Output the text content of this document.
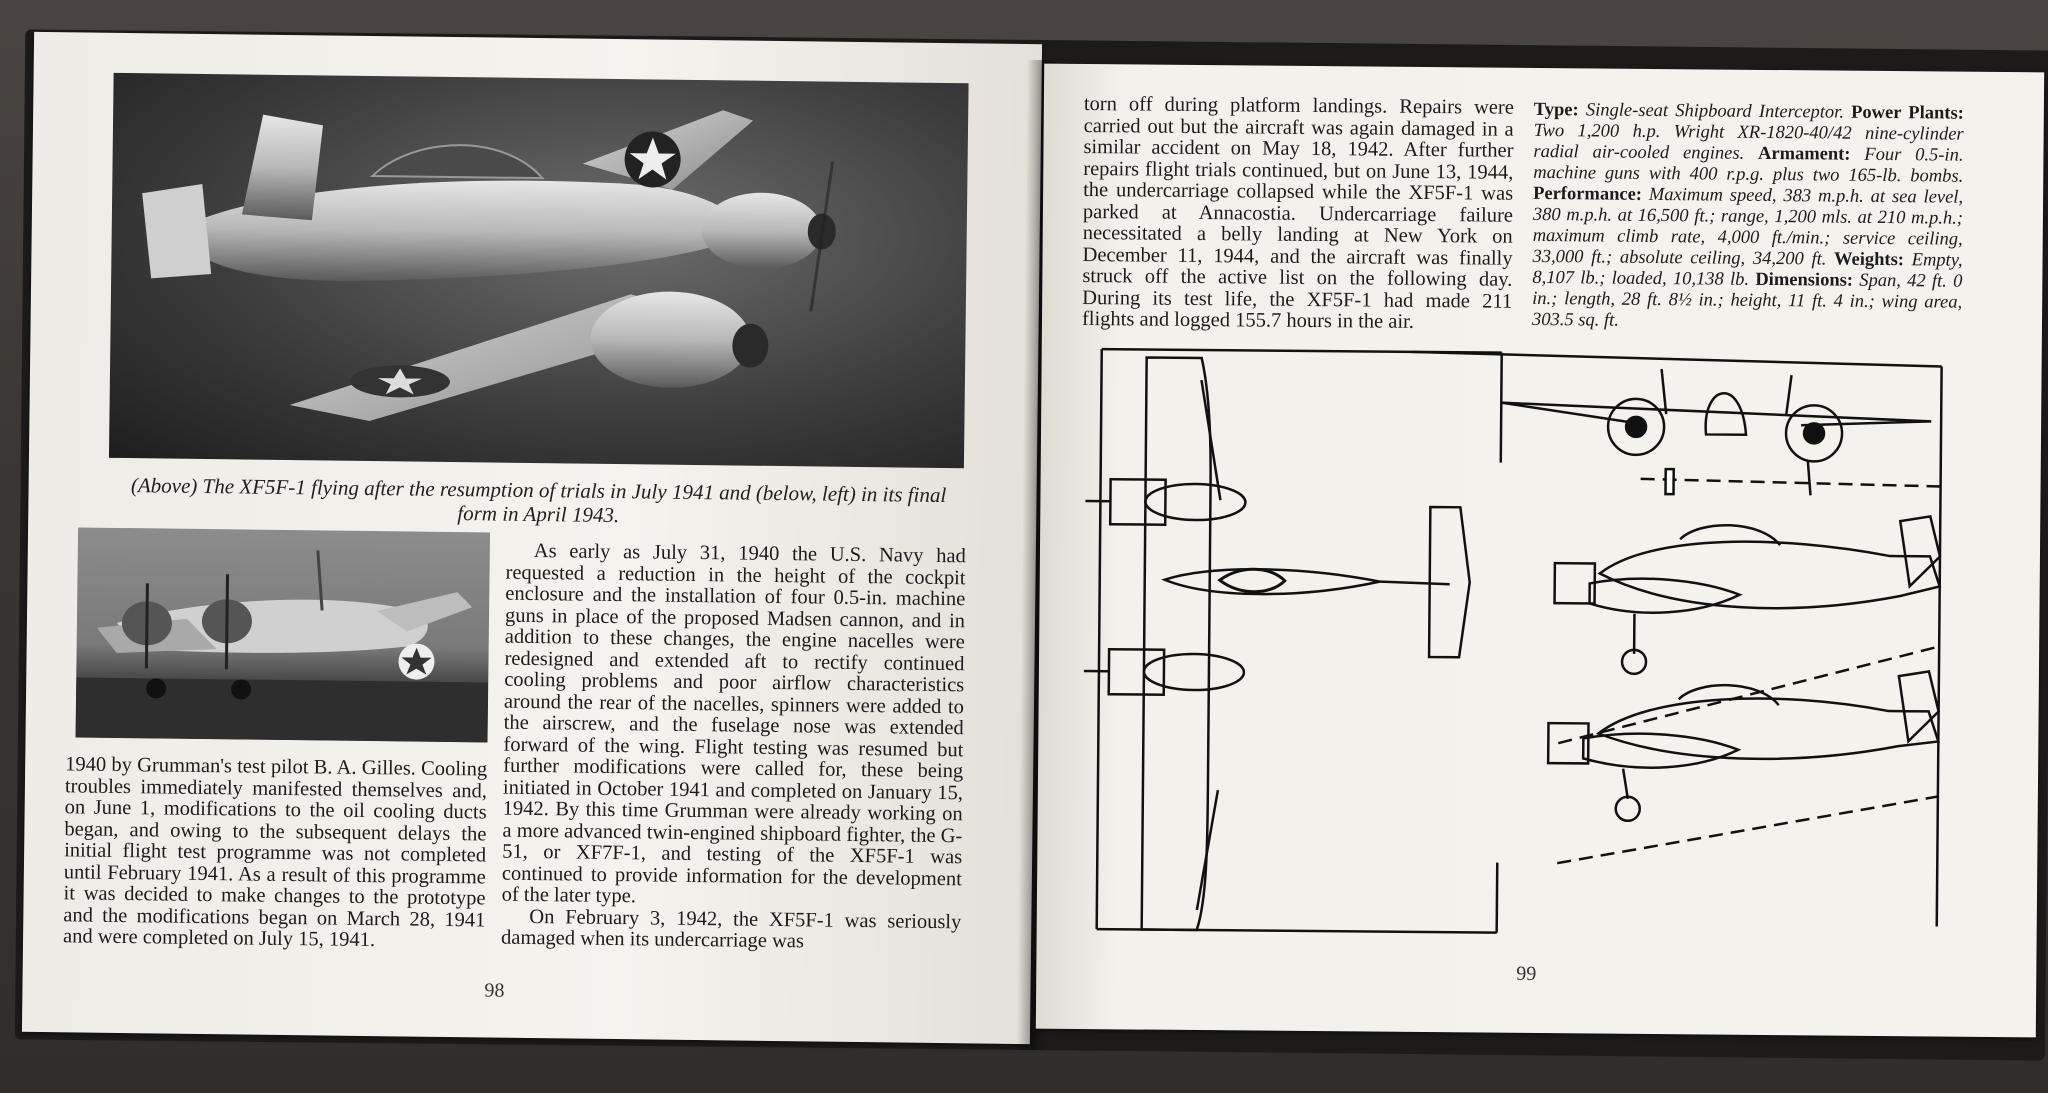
(Above) The XF5F-1 flying after the resumption of trials in July 1941 and (below, left) in its final
form in April 1943.

1940 by Grumman's test pilot B. A. Gilles. Cooling troubles immediately manifested themselves and, on June 1, modifications to the oil cooling ducts began, and owing to the subsequent delays the initial flight test programme was not completed until February 1941. As a result of this programme it was decided to make changes to the prototype and the modifications began on March 28, 1941 and were completed on July 15, 1941.

As early as July 31, 1940 the U.S. Navy had requested a reduction in the height of the cockpit enclosure and the installation of four 0.5-in. machine guns in place of the proposed Madsen cannon, and in addition to these changes, the engine nacelles were redesigned and extended aft to rectify continued cooling problems and poor airflow characteristics around the rear of the nacelles, spinners were added to the airscrew, and the fuselage nose was extended forward of the wing. Flight testing was resumed but further modifications were called for, these being initiated in October 1941 and completed on January 15, 1942. By this time Grumman were already working on a more advanced twin-engined shipboard fighter, the G-51, or XF7F-1, and testing of the XF5F-1 was continued to provide information for the development of the later type.

On February 3, 1942, the XF5F-1 was seriously damaged when its undercarriage was

98

torn off during platform landings. Repairs were carried out but the aircraft was again damaged in a similar accident on May 18, 1942. After further repairs flight trials continued, but on June 13, 1944, the undercarriage collapsed while the XF5F-1 was parked at Annacostia. Undercarriage failure necessitated a belly landing at New York on December 11, 1944, and the aircraft was finally struck off the active list on the following day. During its test life, the XF5F-1 had made 211 flights and logged 155.7 hours in the air.

Type: Single-seat Shipboard Interceptor. Power Plants: Two 1,200 h.p. Wright XR-1820-40/42 nine-cylinder radial air-cooled engines. Armament: Four 0.5-in. machine guns with 400 r.p.g. plus two 165-lb. bombs. Performance: Maximum speed, 383 m.p.h. at sea level, 380 m.p.h. at 16,500 ft.; range, 1,200 mls. at 210 m.p.h.; maximum climb rate, 4,000 ft./min.; service ceiling, 33,000 ft.; absolute ceiling, 34,200 ft. Weights: Empty, 8,107 lb.; loaded, 10,138 lb. Dimensions: Span, 42 ft. 0 in.; length, 28 ft. 8½ in.; height, 11 ft. 4 in.; wing area, 303.5 sq. ft.

99
